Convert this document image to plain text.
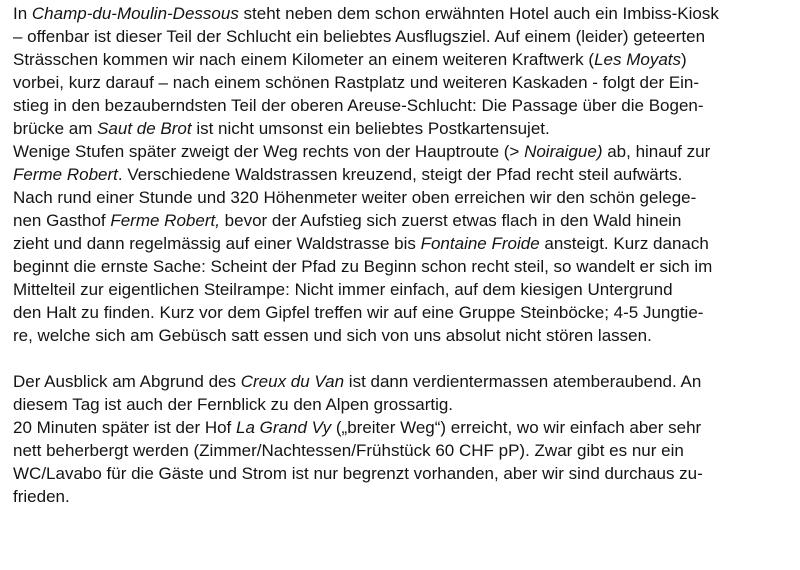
In Champ-du-Moulin-Dessous steht neben dem schon erwähnten Hotel auch ein Imbiss-Kiosk
– offenbar ist dieser Teil der Schlucht ein beliebtes Ausflugsziel. Auf einem (leider) geteerten
Strässchen kommen wir nach einem Kilometer an einem weiteren Kraftwerk (Les Moyats)
vorbei, kurz darauf – nach einem schönen Rastplatz und weiteren Kaskaden - folgt der Ein-
stieg in den bezauberndsten Teil der oberen Areuse-Schlucht: Die Passage über die Bogen-
brücke am Saut de Brot ist nicht umsonst ein beliebtes Postkartensujet.
Wenige Stufen später zweigt der Weg rechts von der Hauptroute (> Noiraigue) ab, hinauf zur
Ferme Robert. Verschiedene Waldstrassen kreuzend, steigt der Pfad recht steil aufwärts.
Nach rund einer Stunde und 320 Höhenmeter weiter oben erreichen wir den schön gelege-
nen Gasthof Ferme Robert, bevor der Aufstieg sich zuerst etwas flach in den Wald hinein
zieht und dann regelmässig auf einer Waldstrasse bis Fontaine Froide ansteigt. Kurz danach
beginnt die ernste Sache: Scheint der Pfad zu Beginn schon recht steil, so wandelt er sich im
Mittelteil zur eigentlichen Steilrampe: Nicht immer einfach, auf dem kiesigen Untergrund
den Halt zu finden. Kurz vor dem Gipfel treffen wir auf eine Gruppe Steinböcke; 4-5 Jungtie-
re, welche sich am Gebüsch satt essen und sich von uns absolut nicht stören lassen.
Der Ausblick am Abgrund des Creux du Van ist dann verdientermassen atemberaubend. An
diesem Tag ist auch der Fernblick zu den Alpen grossartig.
20 Minuten später ist der Hof La Grand Vy („breiter Weg“) erreicht, wo wir einfach aber sehr
nett beherbergt werden (Zimmer/Nachtessen/Frühstück 60 CHF pP). Zwar gibt es nur ein
WC/Lavabo für die Gäste und Strom ist nur begrenzt vorhanden, aber wir sind durchaus zu-
frieden.
